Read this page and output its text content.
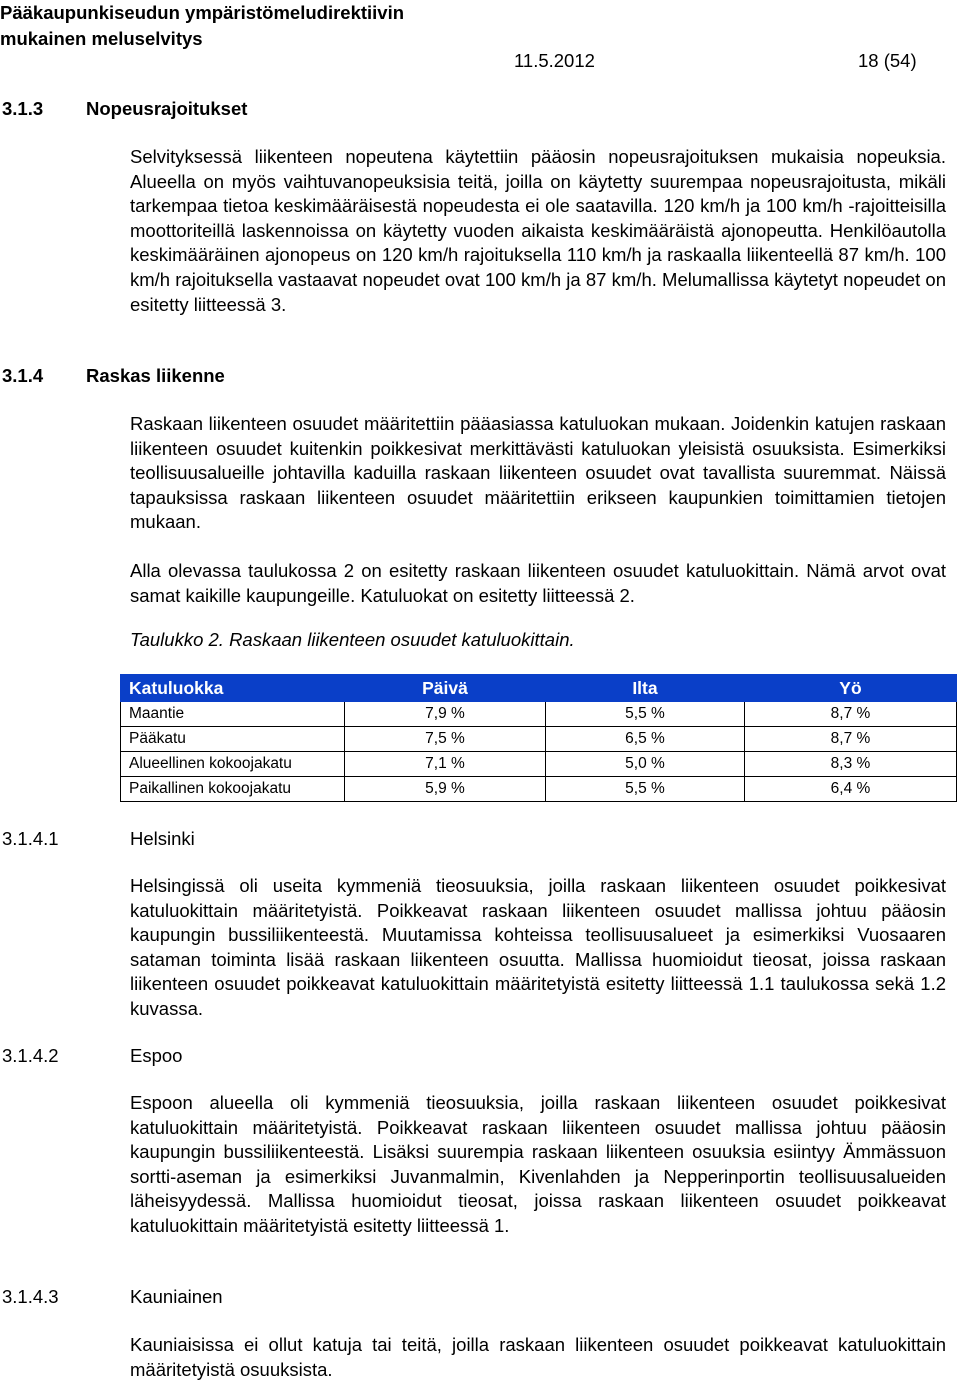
Pääkaupunkiseudun ympäristömeludirektiivin
mukainen meluselvitys
11.5.2012	18 (54)
3.1.3 Nopeusrajoitukset

Selvityksessä liikenteen nopeutena käytettiin pääosin nopeusrajoituksen mukaisia nopeuksia. Alueella on myös vaihtuvanopeuksisia teitä, joilla on käytetty suurempaa nopeusrajoitusta, mikäli tarkempaa tietoa keskimääräisestä nopeudesta ei ole saatavilla. 120 km/h ja 100 km/h -rajoitteisilla moottoriteillä laskennoissa on käytetty vuoden aikaista keskimääräistä ajonopeutta. Henkilöautolla keskimääräinen ajonopeus on 120 km/h rajoituksella 110 km/h ja raskaalla liikenteellä 87 km/h. 100 km/h rajoituksella vastaavat nopeudet ovat 100 km/h ja 87 km/h. Melumallissa käytetyt nopeudet on esitetty liitteessä 3.

3.1.4 Raskas liikenne

Raskaan liikenteen osuudet määritettiin pääasiassa katuluokan mukaan. Joidenkin katujen raskaan liikenteen osuudet kuitenkin poikkesivat merkittävästi katuluokan yleisistä osuuksista. Esimerkiksi teollisuusalueille johtavilla kaduilla raskaan liikenteen osuudet ovat tavallista suuremmat. Näissä tapauksissa raskaan liikenteen osuudet määritettiin erikseen kaupunkien toimittamien tietojen mukaan.

Alla olevassa taulukossa 2 on esitetty raskaan liikenteen osuudet katuluokittain. Nämä arvot ovat samat kaikille kaupungeille. Katuluokat on esitetty liitteessä 2.

Taulukko 2. Raskaan liikenteen osuudet katuluokittain.
Katuluokka	Päivä	Ilta	Yö
Maantie	7,9 %	5,5 %	8,7 %
Pääkatu	7,5 %	6,5 %	8,7 %
Alueellinen kokoojakatu	7,1 %	5,0 %	8,3 %
Paikallinen kokoojakatu	5,9 %	5,5 %	6,4 %
3.1.4.1	Helsinki

Helsingissä oli useita kymmeniä tieosuuksia, joilla raskaan liikenteen osuudet poikkesivat katuluokittain määritetyistä. Poikkeavat raskaan liikenteen osuudet mallissa johtuu pääosin kaupungin bussiliikenteestä. Muutamissa kohteissa teollisuusalueet ja esimerkiksi Vuosaaren sataman toiminta lisää raskaan liikenteen osuutta. Mallissa huomioidut tieosat, joissa raskaan liikenteen osuudet poikkeavat katuluokittain määritetyistä esitetty liitteessä 1.1 taulukossa sekä 1.2 kuvassa.

3.1.4.2	Espoo

Espoon alueella oli kymmeniä tieosuuksia, joilla raskaan liikenteen osuudet poikkesivat katuluokittain määritetyistä. Poikkeavat raskaan liikenteen osuudet mallissa johtuu pääosin kaupungin bussiliikenteestä. Lisäksi suurempia raskaan liikenteen osuuksia esiintyy Ämmässuon sortti-aseman ja esimerkiksi Juvanmalmin, Kivenlahden ja Nepperinportin teollisuusalueiden läheisyydessä. Mallissa huomioidut tieosat, joissa raskaan liikenteen osuudet poikkeavat katuluokittain määritetyistä esitetty liitteessä 1.

3.1.4.3	Kauniainen

Kauniaisissa ei ollut katuja tai teitä, joilla raskaan liikenteen osuudet poikkeavat katuluokittain määritetyistä osuuksista.
